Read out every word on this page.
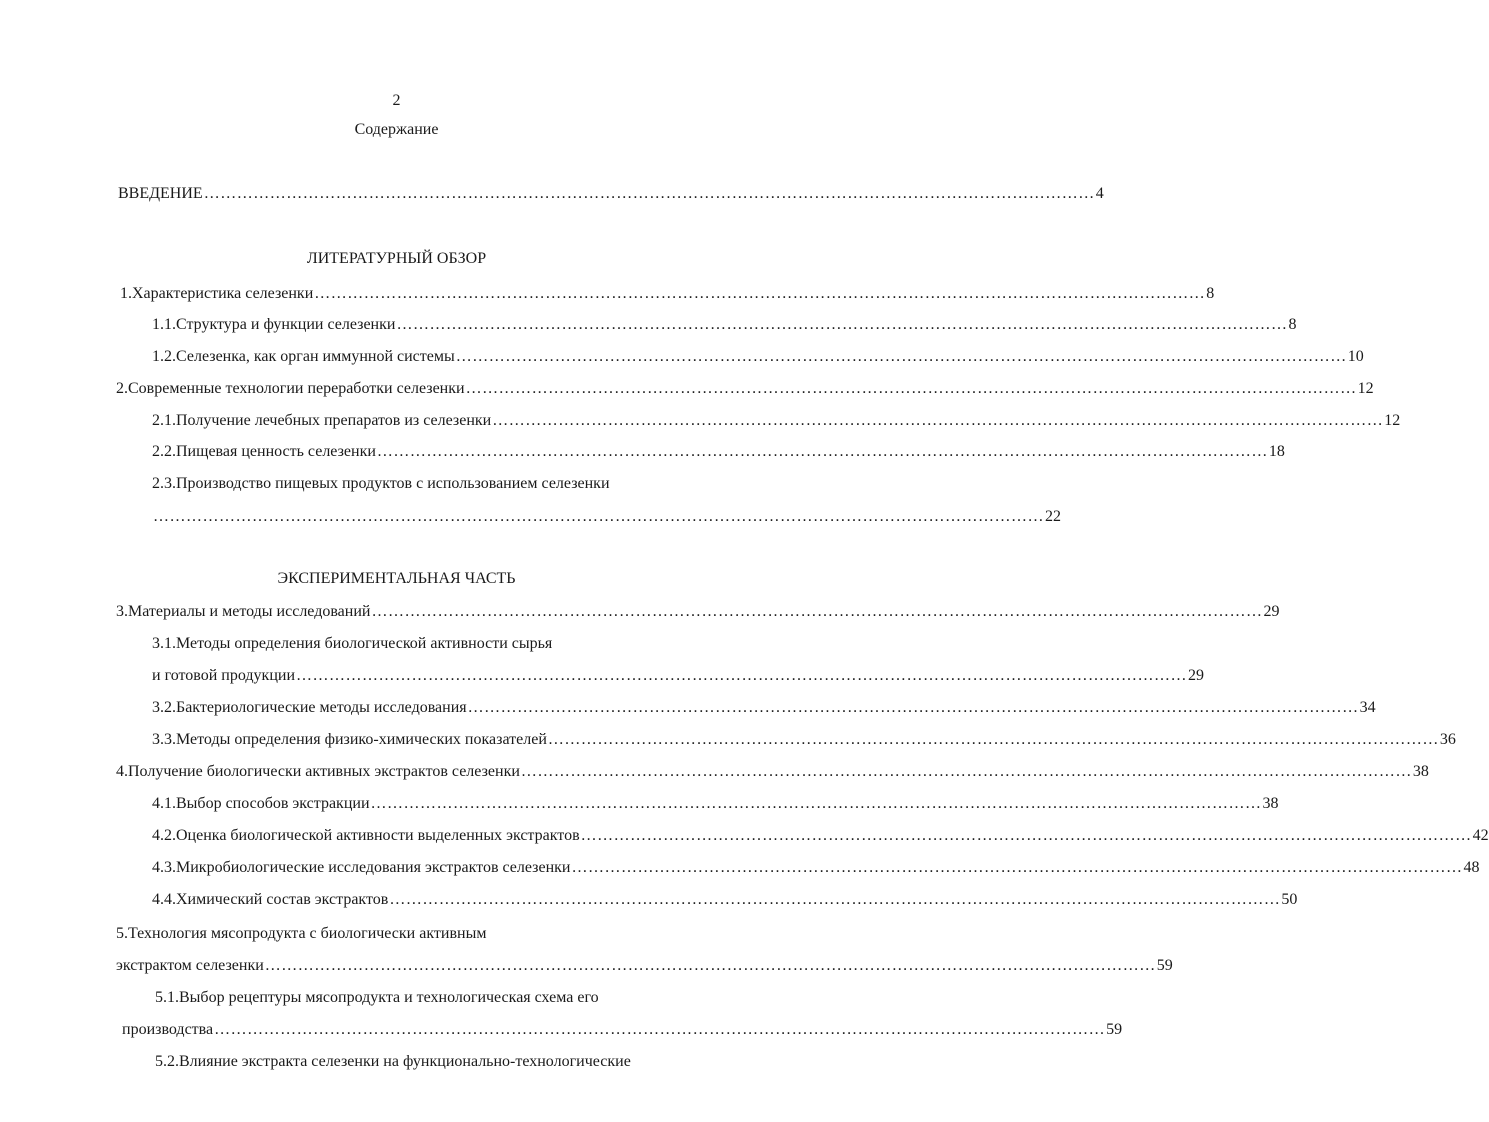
2
Содержание
ВВЕДЕНИЕ ……………………………………………………………………………………………………………………………………………… 4
ЛИТЕРАТУРНЫЙ ОБЗОР
1.Характеристика селезенки ……………………………………………………………………………………………………………………………………………… 8
1.1.Структура и функции селезенки ……………………………………………………………………………………………………………………………………………… 8
1.2.Селезенка, как орган иммунной системы ……………………………………………………………………………………………………………………………………………… 10
2.Современные технологии переработки селезенки ……………………………………………………………………………………………………………………………………………… 12
2.1.Получение лечебных препаратов из селезенки ……………………………………………………………………………………………………………………………………………… 12
2.2.Пищевая ценность селезенки ……………………………………………………………………………………………………………………………………………… 18
2.3.Производство пищевых продуктов с использованием селезенки
……………………………………………………………………………………………………………………………………………… 22
ЭКСПЕРИМЕНТАЛЬНАЯ ЧАСТЬ
3.Материалы и методы исследований ……………………………………………………………………………………………………………………………………………… 29
3.1.Методы определения биологической активности сырья
и готовой продукции ……………………………………………………………………………………………………………………………………………… 29
3.2.Бактериологические методы исследования ……………………………………………………………………………………………………………………………………………… 34
3.3.Методы определения физико-химических показателей ……………………………………………………………………………………………………………………………………………… 36
4.Получение биологически активных экстрактов селезенки ……………………………………………………………………………………………………………………………………………… 38
4.1.Выбор способов экстракции ……………………………………………………………………………………………………………………………………………… 38
4.2.Оценка биологической активности выделенных экстрактов ……………………………………………………………………………………………………………………………………………… 42
4.3.Микробиологические исследования экстрактов селезенки ……………………………………………………………………………………………………………………………………………… 48
4.4.Химический состав экстрактов ……………………………………………………………………………………………………………………………………………… 50
5.Технология мясопродукта с биологически активным
экстрактом селезенки ……………………………………………………………………………………………………………………………………………… 59
5.1.Выбор рецептуры мясопродукта и технологическая схема его
производства ……………………………………………………………………………………………………………………………………………… 59
5.2.Влияние экстракта селезенки на функционально-технологические
